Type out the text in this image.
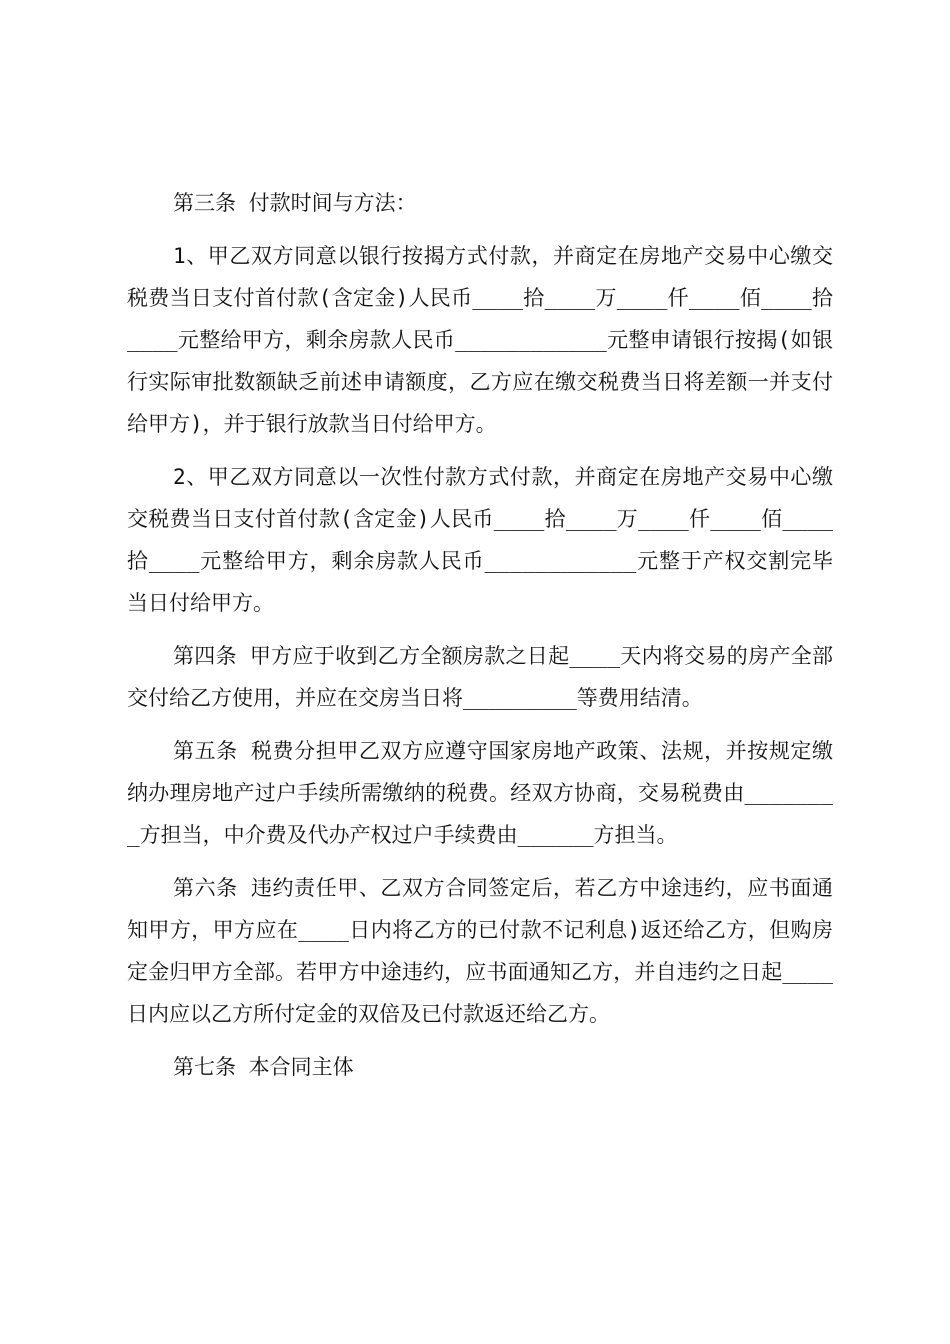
第三条 付款时间与方法：

1、甲乙双方同意以银行按揭方式付款，并商定在房地产交易中心缴交税费当日支付首付款(含定金)人民币____拾____万____仟____佰____拾____元整给甲方，剩余房款人民币____________元整申请银行按揭(如银行实际审批数额缺乏前述申请额度，乙方应在缴交税费当日将差额一并支付给甲方)，并于银行放款当日付给甲方。

2、甲乙双方同意以一次性付款方式付款，并商定在房地产交易中心缴交税费当日支付首付款(含定金)人民币____拾____万____仟____佰____拾____元整给甲方，剩余房款人民币____________元整于产权交割完毕当日付给甲方。

第四条 甲方应于收到乙方全额房款之日起____天内将交易的房产全部交付给乙方使用，并应在交房当日将_________等费用结清。

第五条 税费分担甲乙双方应遵守国家房地产政策、法规，并按规定缴纳办理房地产过户手续所需缴纳的税费。经双方协商，交易税费由________方担当，中介费及代办产权过户手续费由______方担当。

第六条 违约责任甲、乙双方合同签定后，若乙方中途违约，应书面通知甲方，甲方应在____日内将乙方的已付款不记利息)返还给乙方，但购房定金归甲方全部。若甲方中途违约，应书面通知乙方，并自违约之日起____日内应以乙方所付定金的双倍及已付款返还给乙方。

第七条 本合同主体
